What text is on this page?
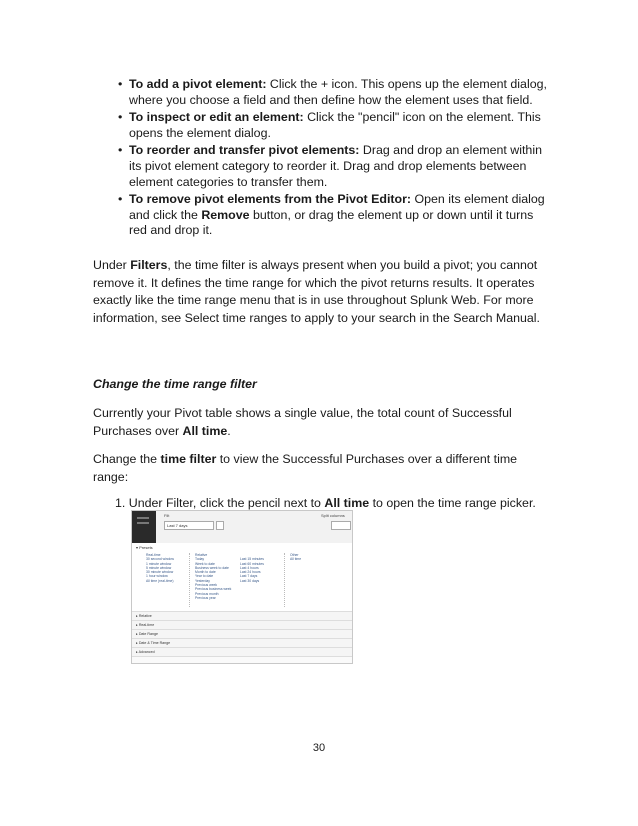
• To add a pivot element: Click the + icon. This opens up the element dialog, where you choose a field and then define how the element uses that field.
• To inspect or edit an element: Click the "pencil" icon on the element. This opens the element dialog.
• To reorder and transfer pivot elements: Drag and drop an element within its pivot element category to reorder it. Drag and drop elements between element categories to transfer them.
• To remove pivot elements from the Pivot Editor: Open its element dialog and click the Remove button, or drag the element up or down until it turns red and drop it.

Under Filters, the time filter is always present when you build a pivot; you cannot remove it. It defines the time range for which the pivot returns results. It operates exactly like the time range menu that is in use throughout Splunk Web. For more information, see Select time ranges to apply to your search in the Search Manual.

Change the time range filter

Currently your Pivot table shows a single value, the total count of Successful Purchases over All time.

Change the time filter to view the Successful Purchases over a different time range:

1. Under Filter, click the pencil next to All time to open the time range picker.
Filt
Last 7 days
Split columns
▾ Presets
Real-time
30 second window
1 minute window
5 minute window
30 minute window
1 hour window
All time (real-time)
Relative
Today
Week to date
Business week to date
Month to date
Year to date
Yesterday
Previous week
Previous business week
Previous month
Previous year

Last 15 minutes
Last 60 minutes
Last 4 hours
Last 24 hours
Last 7 days
Last 30 days
Other
All time
▸ Relative
▸ Real-time
▸ Date Range
▸ Date & Time Range
▸ Advanced
30
